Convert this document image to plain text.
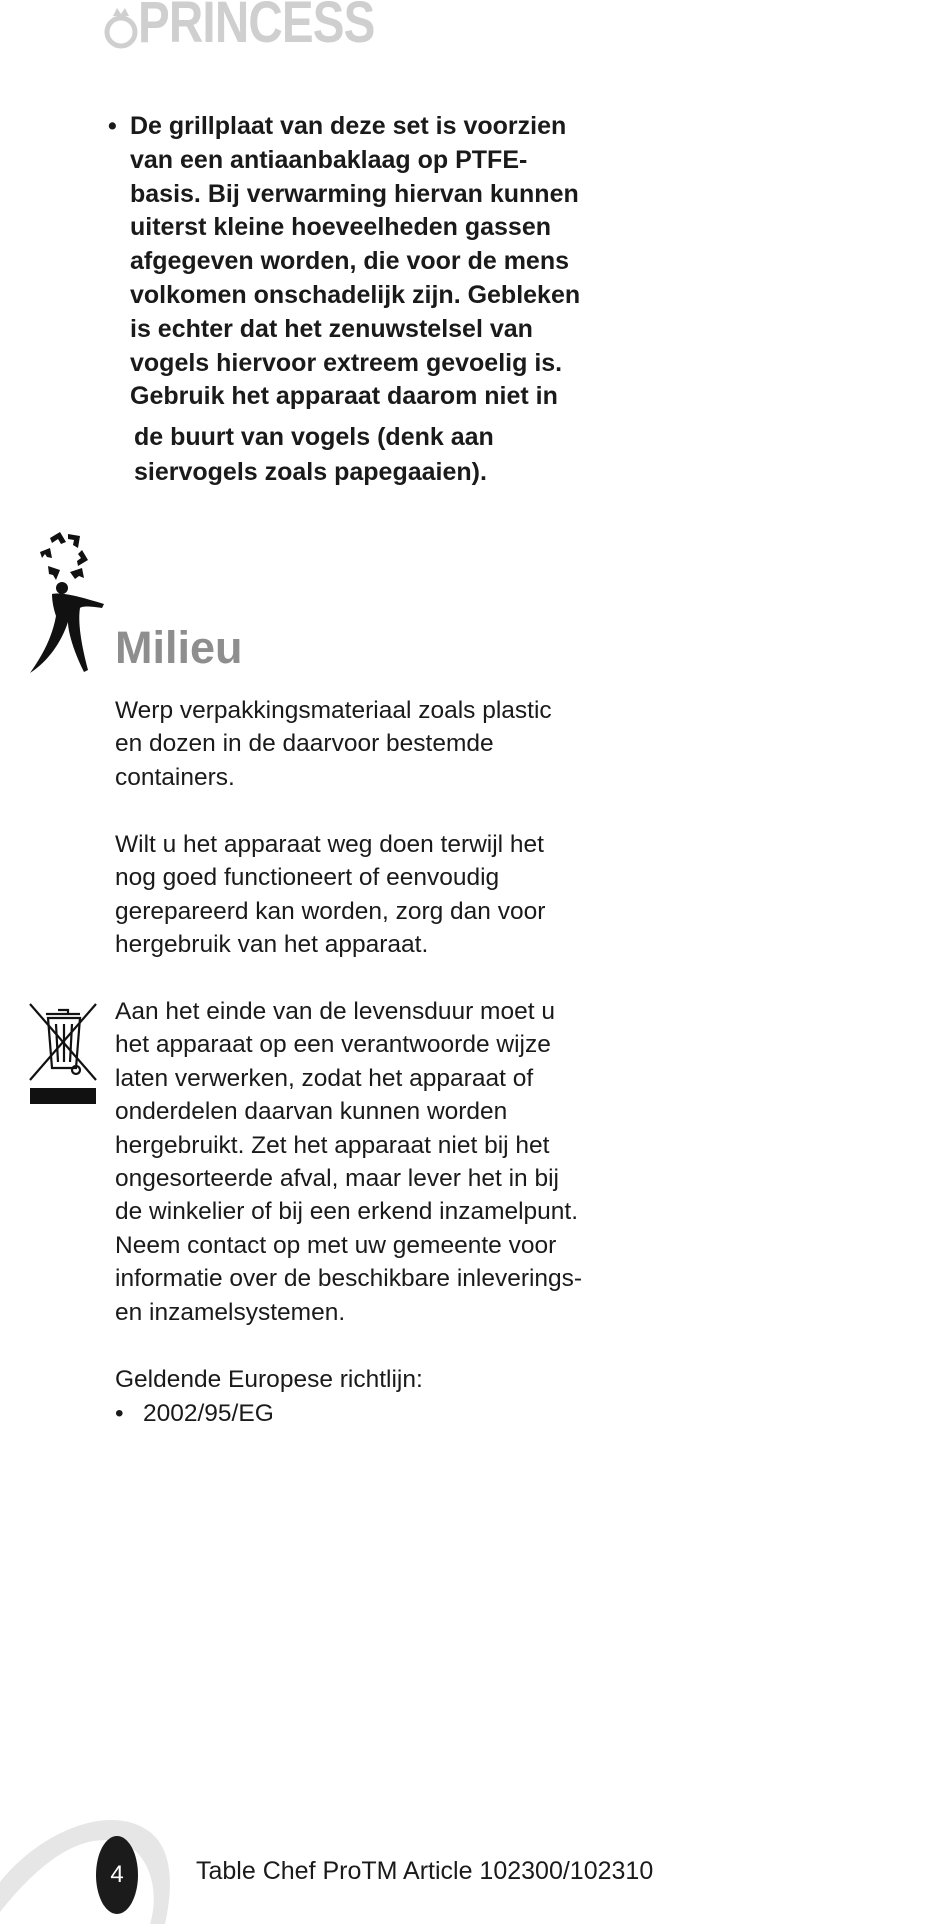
PRINCESS
• De grillplaat van deze set is voorzien
van een antiaanbaklaag op PTFE-
basis. Bij verwarming hiervan kunnen
uiterst kleine hoeveelheden gassen
afgegeven worden, die voor de mens
volkomen onschadelijk zijn. Gebleken
is echter dat het zenuwstelsel van
vogels hiervoor extreem gevoelig is.
Gebruik het apparaat daarom niet in
de buurt van vogels (denk aan
siervogels zoals papegaaien).
Milieu
Werp verpakkingsmateriaal zoals plastic
en dozen in de daarvoor bestemde
containers.
Wilt u het apparaat weg doen terwijl het
nog goed functioneert of eenvoudig
gerepareerd kan worden, zorg dan voor
hergebruik van het apparaat.
Aan het einde van de levensduur moet u
het apparaat op een verantwoorde wijze
laten verwerken, zodat het apparaat of
onderdelen daarvan kunnen worden
hergebruikt. Zet het apparaat niet bij het
ongesorteerde afval, maar lever het in bij
de winkelier of bij een erkend inzamelpunt.
Neem contact op met uw gemeente voor
informatie over de beschikbare inleverings-
en inzamelsystemen.
Geldende Europese richtlijn:

• 2002/95/EG

4	Table Chef ProTM Article 102300/102310
